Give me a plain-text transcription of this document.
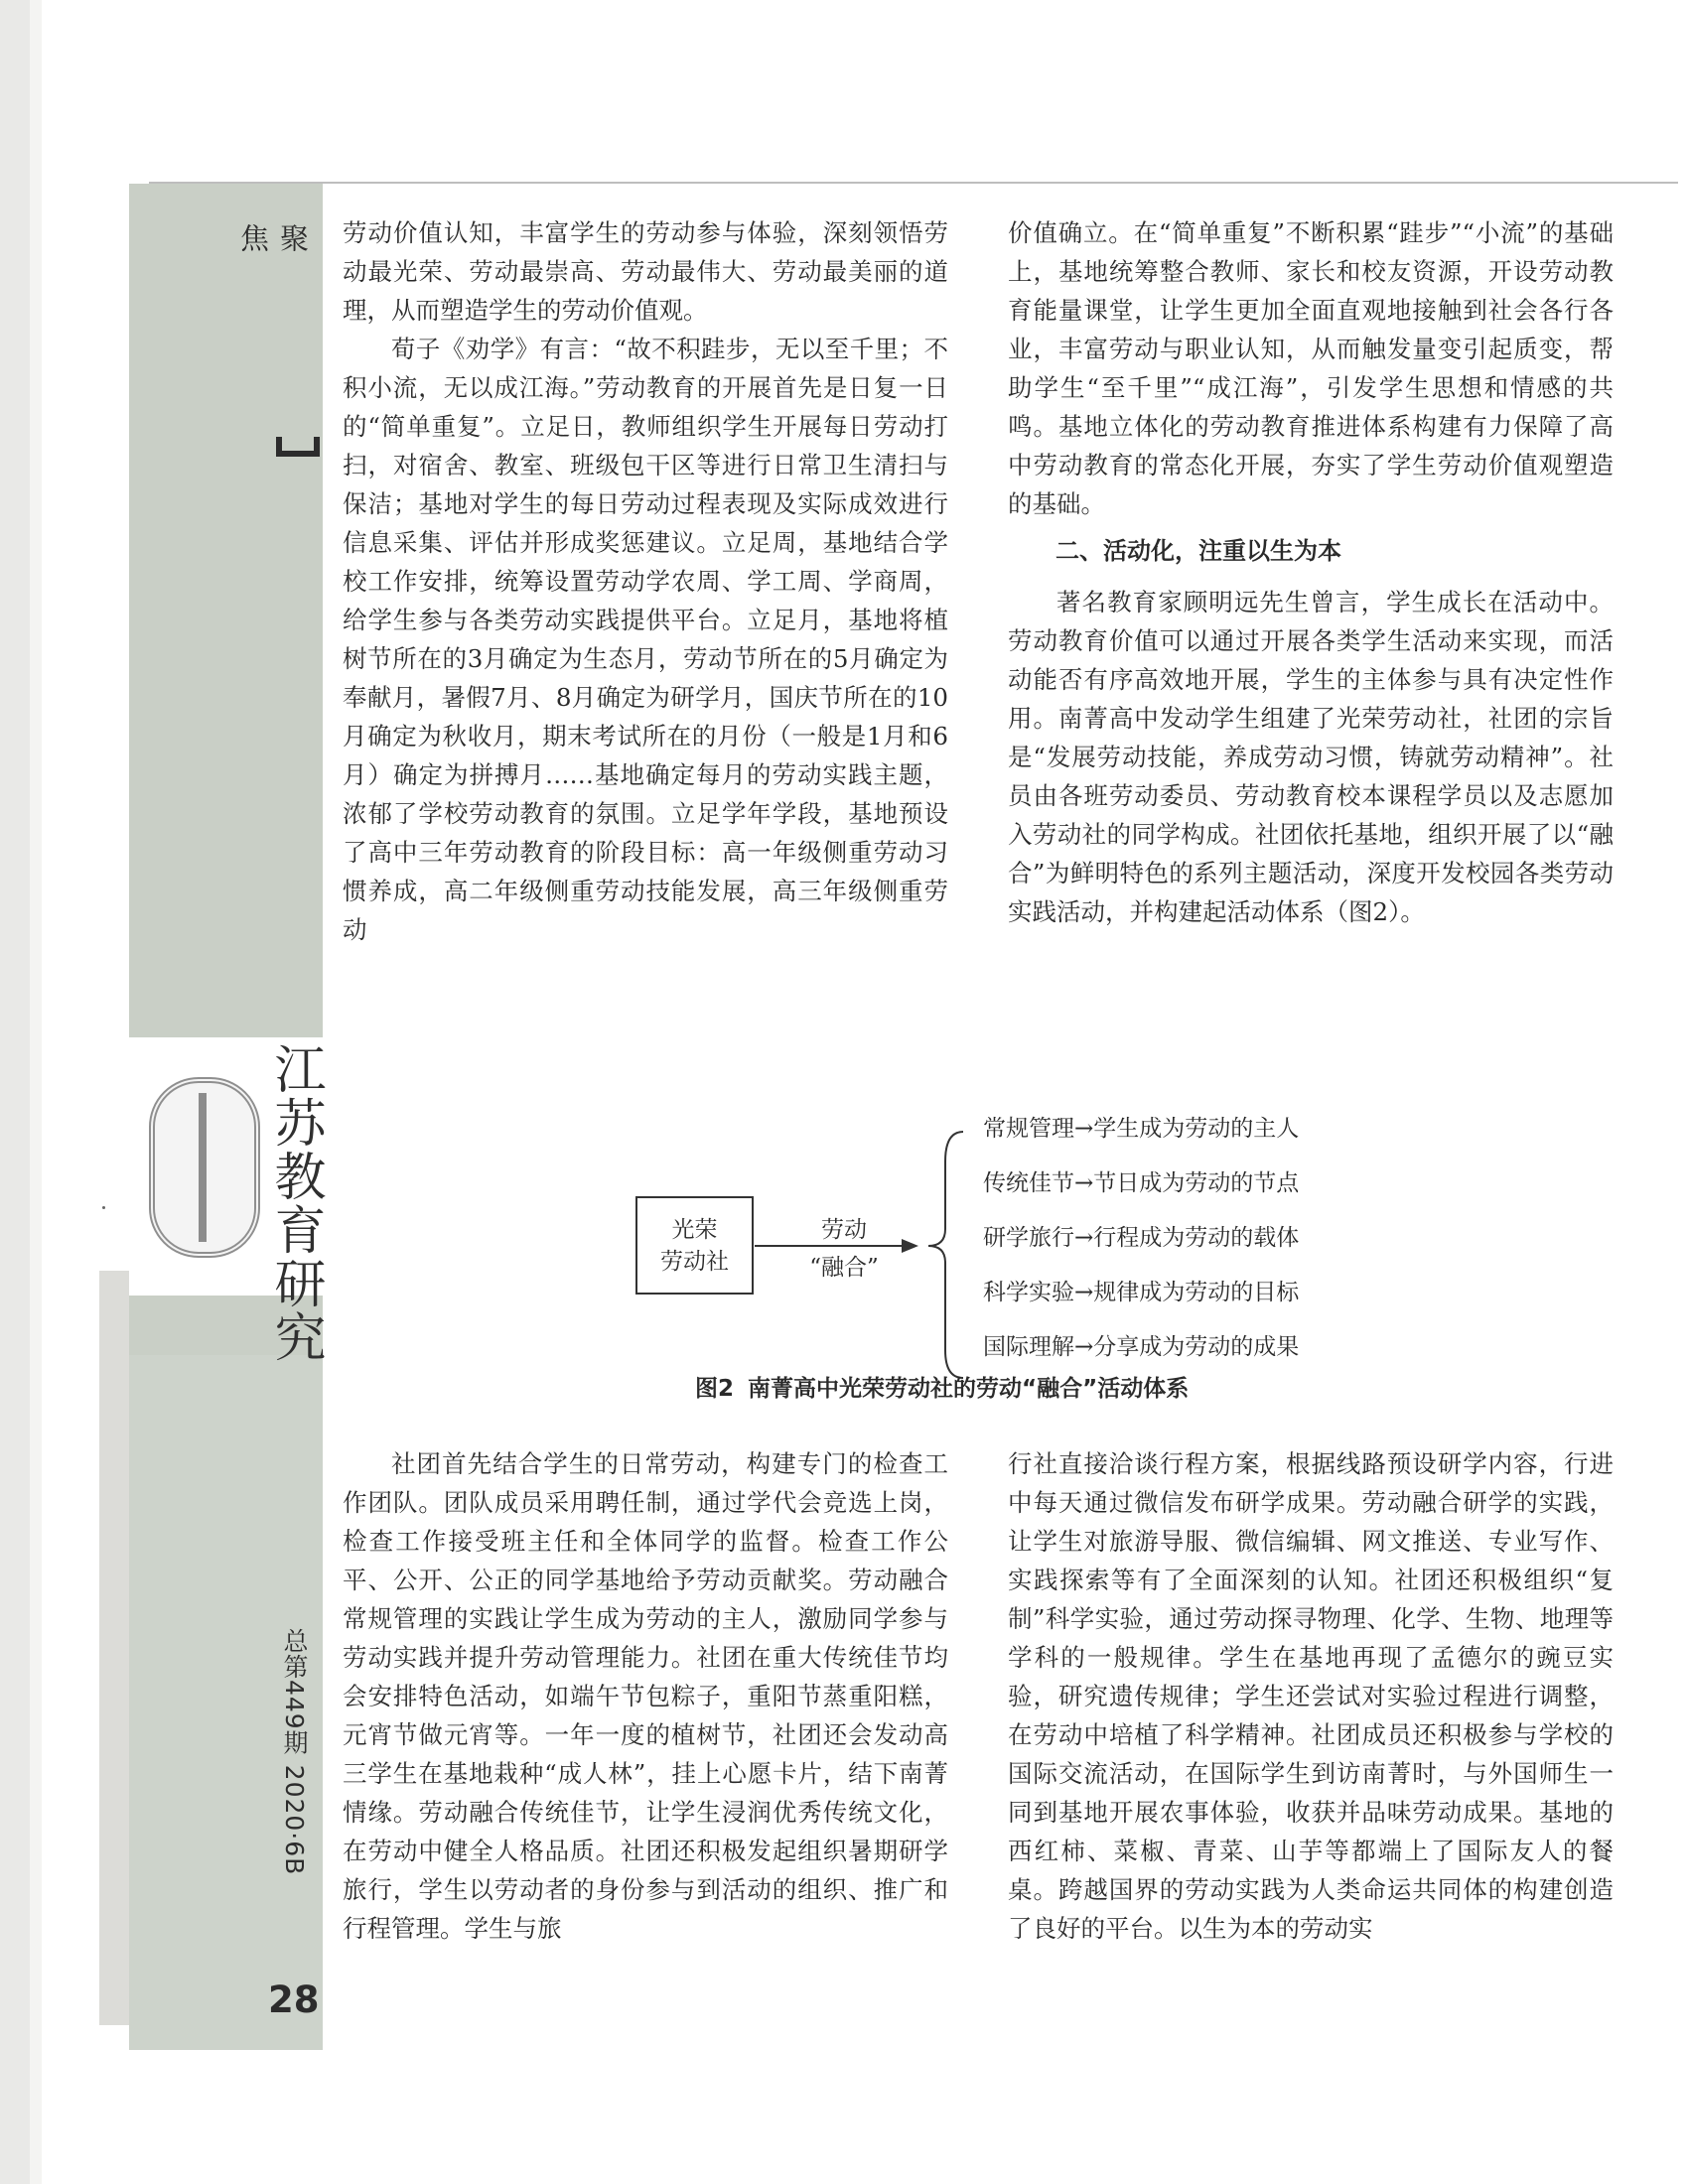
聚
焦
江苏教育研究
总第449期 2020·6B
28

劳动价值认知，丰富学生的劳动参与体验，深刻领悟劳动最光荣、劳动最崇高、劳动最伟大、劳动最美丽的道理，从而塑造学生的劳动价值观。

荀子《劝学》有言：“故不积跬步，无以至千里；不积小流，无以成江海。”劳动教育的开展首先是日复一日的“简单重复”。立足日，教师组织学生开展每日劳动打扫，对宿舍、教室、班级包干区等进行日常卫生清扫与保洁；基地对学生的每日劳动过程表现及实际成效进行信息采集、评估并形成奖惩建议。立足周，基地结合学校工作安排，统筹设置劳动学农周、学工周、学商周，给学生参与各类劳动实践提供平台。立足月，基地将植树节所在的3月确定为生态月，劳动节所在的5月确定为奉献月，暑假7月、8月确定为研学月，国庆节所在的10月确定为秋收月，期末考试所在的月份（一般是1月和6月）确定为拼搏月……基地确定每月的劳动实践主题，浓郁了学校劳动教育的氛围。立足学年学段，基地预设了高中三年劳动教育的阶段目标：高一年级侧重劳动习惯养成，高二年级侧重劳动技能发展，高三年级侧重劳动

价值确立。在“简单重复”不断积累“跬步”“小流”的基础上，基地统筹整合教师、家长和校友资源，开设劳动教育能量课堂，让学生更加全面直观地接触到社会各行各业，丰富劳动与职业认知，从而触发量变引起质变，帮助学生“至千里”“成江海”，引发学生思想和情感的共鸣。基地立体化的劳动教育推进体系构建有力保障了高中劳动教育的常态化开展，夯实了学生劳动价值观塑造的基础。

二、活动化，注重以生为本

著名教育家顾明远先生曾言，学生成长在活动中。劳动教育价值可以通过开展各类学生活动来实现，而活动能否有序高效地开展，学生的主体参与具有决定性作用。南菁高中发动学生组建了光荣劳动社，社团的宗旨是“发展劳动技能，养成劳动习惯，铸就劳动精神”。社员由各班劳动委员、劳动教育校本课程学员以及志愿加入劳动社的同学构成。社团依托基地，组织开展了以“融合”为鲜明特色的系列主题活动，深度开发校园各类劳动实践活动，并构建起活动体系（图2）。

光荣
劳动社
劳动
“融合”
常规管理→学生成为劳动的主人
传统佳节→节日成为劳动的节点
研学旅行→行程成为劳动的载体
科学实验→规律成为劳动的目标
国际理解→分享成为劳动的成果
图2 南菁高中光荣劳动社的劳动“融合”活动体系

社团首先结合学生的日常劳动，构建专门的检查工作团队。团队成员采用聘任制，通过学代会竞选上岗，检查工作接受班主任和全体同学的监督。检查工作公平、公开、公正的同学基地给予劳动贡献奖。劳动融合常规管理的实践让学生成为劳动的主人，激励同学参与劳动实践并提升劳动管理能力。社团在重大传统佳节均会安排特色活动，如端午节包粽子，重阳节蒸重阳糕，元宵节做元宵等。一年一度的植树节，社团还会发动高三学生在基地栽种“成人林”，挂上心愿卡片，结下南菁情缘。劳动融合传统佳节，让学生浸润优秀传统文化，在劳动中健全人格品质。社团还积极发起组织暑期研学旅行，学生以劳动者的身份参与到活动的组织、推广和行程管理。学生与旅

行社直接洽谈行程方案，根据线路预设研学内容，行进中每天通过微信发布研学成果。劳动融合研学的实践，让学生对旅游导服、微信编辑、网文推送、专业写作、实践探索等有了全面深刻的认知。社团还积极组织“复制”科学实验，通过劳动探寻物理、化学、生物、地理等学科的一般规律。学生在基地再现了孟德尔的豌豆实验，研究遗传规律；学生还尝试对实验过程进行调整，在劳动中培植了科学精神。社团成员还积极参与学校的国际交流活动，在国际学生到访南菁时，与外国师生一同到基地开展农事体验，收获并品味劳动成果。基地的西红柿、菜椒、青菜、山芋等都端上了国际友人的餐桌。跨越国界的劳动实践为人类命运共同体的构建创造了良好的平台。以生为本的劳动实
